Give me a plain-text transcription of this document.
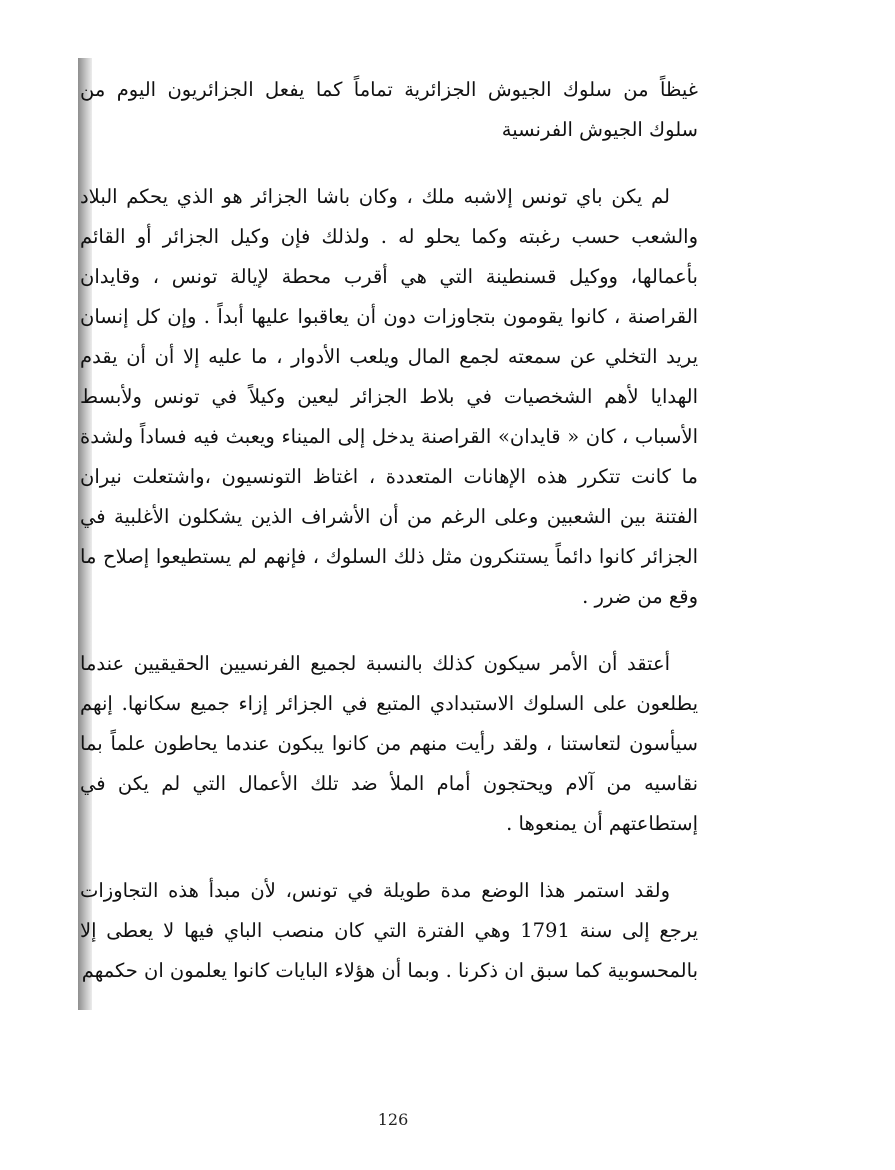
غيظاً من سلوك الجيوش الجزائرية تماماً كما يفعل الجزائريون اليوم من سلوك الجيوش الفرنسية

لم يكن باي تونس إلاشبه ملك ، وكان باشا الجزائر هو الذي يحكم البلاد والشعب حسب رغبته وكما يحلو له . ولذلك فإن وكيل الجزائر أو القائم بأعمالها، ووكيل قسنطينة التي هي أقرب محطة لإيالة تونس ، وقايدان القراصنة ، كانوا يقومون بتجاوزات دون أن يعاقبوا عليها أبداً . وإن كل إنسان يريد التخلي عن سمعته لجمع المال ويلعب الأدوار ، ما عليه إلا أن أن يقدم الهدايا لأهم الشخصيات في بلاط الجزائر ليعين وكيلاً في تونس ولأبسط الأسباب ، كان « قايدان» القراصنة يدخل إلى الميناء ويعبث فيه فساداً ولشدة ما كانت تتكرر هذه الإهانات المتعددة ، اغتاظ التونسيون ،واشتعلت نيران الفتنة بين الشعبين وعلى الرغم من أن الأشراف الذين يشكلون الأغلبية في الجزائر كانوا دائماً يستنكرون مثل ذلك السلوك ، فإنهم لم يستطيعوا إصلاح ما وقع من ضرر .

أعتقد أن الأمر سيكون كذلك بالنسبة لجميع الفرنسيين الحقيقيين عندما يطلعون على السلوك الاستبدادي المتبع في الجزائر إزاء جميع سكانها. إنهم سيأسون لتعاستنا ، ولقد رأيت منهم من كانوا يبكون عندما يحاطون علماً بما نقاسيه من آلام ويحتجون أمام الملأ ضد تلك الأعمال التي لم يكن في إستطاعتهم أن يمنعوها .

ولقد استمر هذا الوضع مدة طويلة في تونس، لأن مبدأ هذه التجاوزات يرجع إلى سنة 1791 وهي الفترة التي كان منصب الباي فيها لا يعطى إلا بالمحسوبية كما سبق ان ذكرنا . وبما أن هؤلاء البايات كانوا يعلمون ان حكمهم

126
